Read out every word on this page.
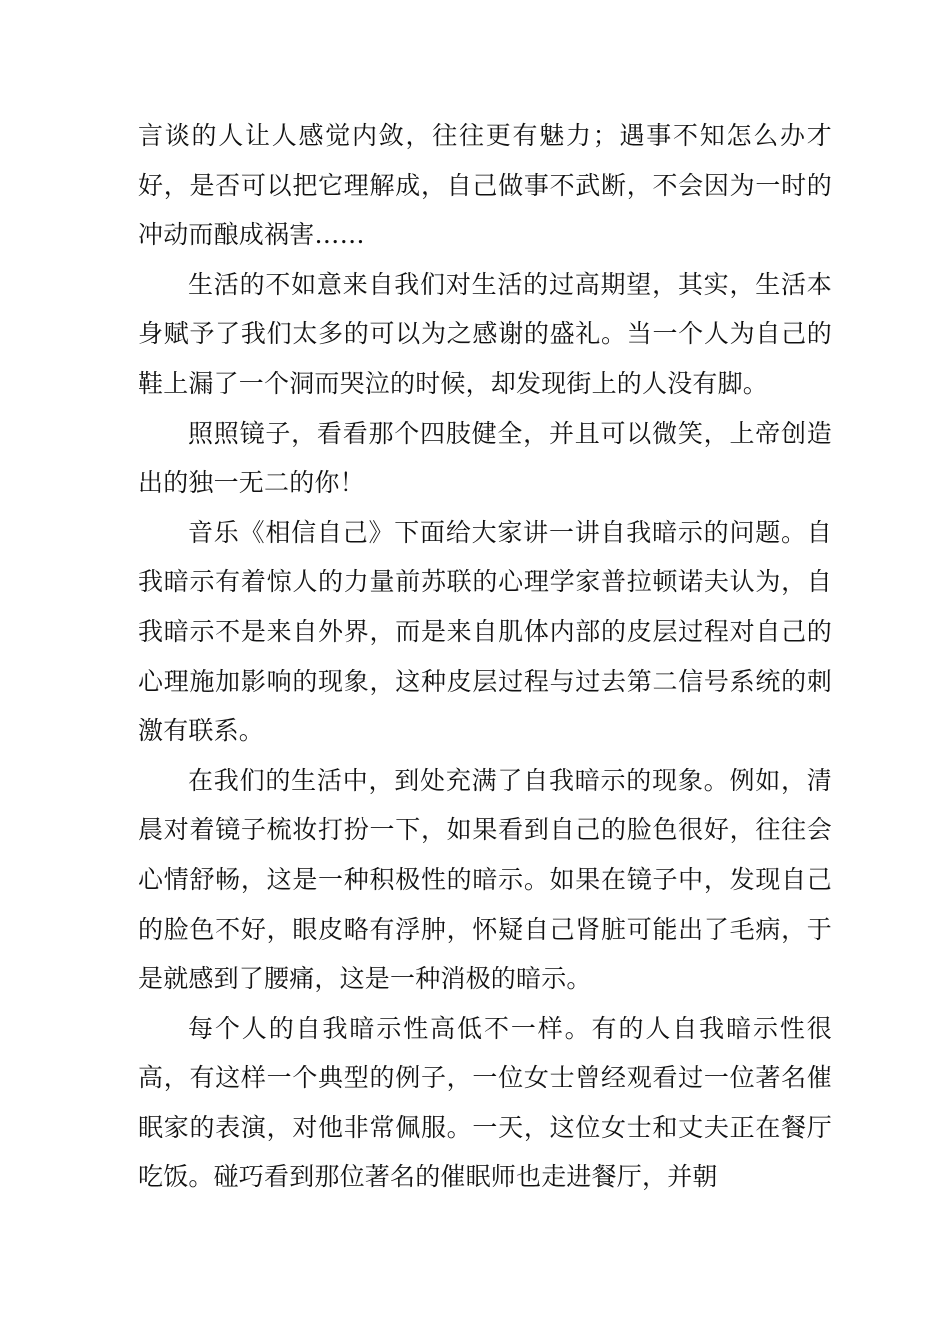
言谈的人让人感觉内敛，往往更有魅力；遇事不知怎么办才好，是否可以把它理解成，自己做事不武断，不会因为一时的冲动而酿成祸害……

生活的不如意来自我们对生活的过高期望，其实，生活本身赋予了我们太多的可以为之感谢的盛礼。当一个人为自己的鞋上漏了一个洞而哭泣的时候，却发现街上的人没有脚。

照照镜子，看看那个四肢健全，并且可以微笑，上帝创造出的独一无二的你！

音乐《相信自己》下面给大家讲一讲自我暗示的问题。自我暗示有着惊人的力量前苏联的心理学家普拉顿诺夫认为，自我暗示不是来自外界，而是来自肌体内部的皮层过程对自己的心理施加影响的现象，这种皮层过程与过去第二信号系统的刺激有联系。

在我们的生活中，到处充满了自我暗示的现象。例如，清晨对着镜子梳妆打扮一下，如果看到自己的脸色很好，往往会心情舒畅，这是一种积极性的暗示。如果在镜子中，发现自己的脸色不好，眼皮略有浮肿，怀疑自己肾脏可能出了毛病，于是就感到了腰痛，这是一种消极的暗示。

每个人的自我暗示性高低不一样。有的人自我暗示性很高，有这样一个典型的例子，一位女士曾经观看过一位著名催眠家的表演，对他非常佩服。一天，这位女士和丈夫正在餐厅吃饭。碰巧看到那位著名的催眠师也走进餐厅，并朝
